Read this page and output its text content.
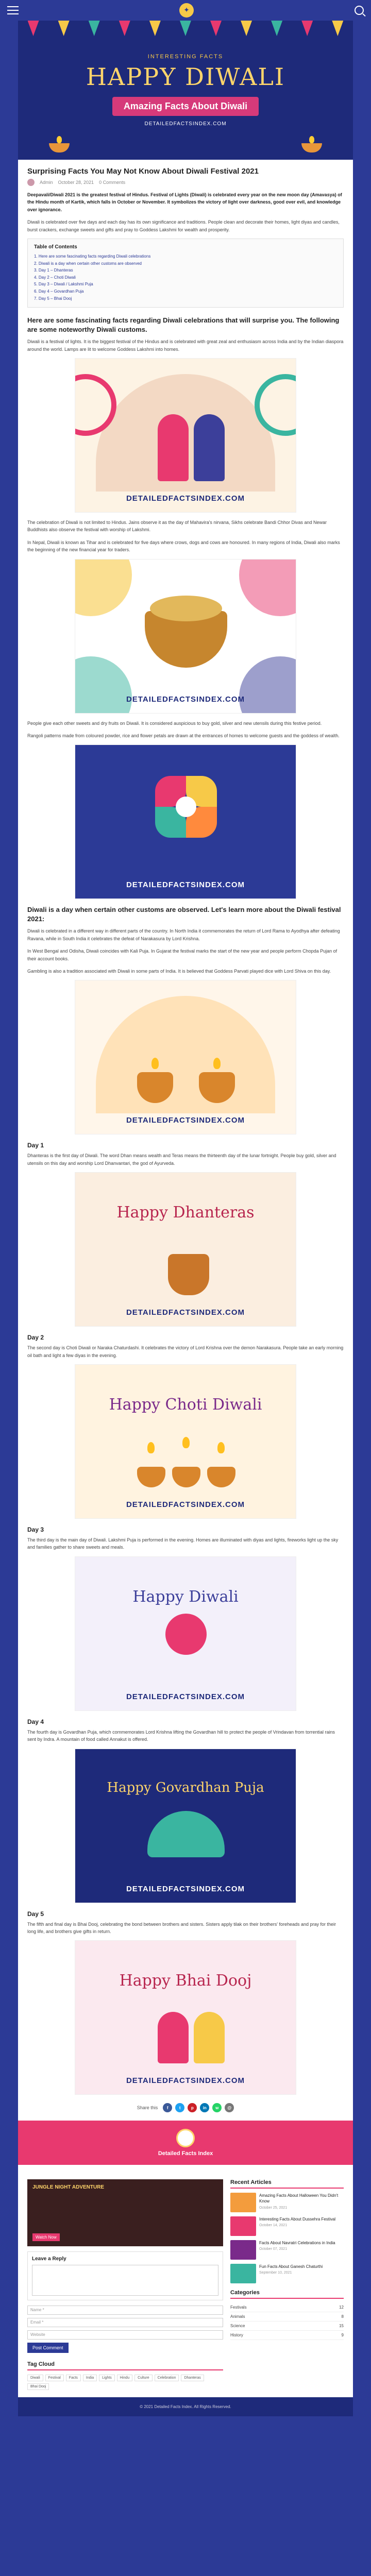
✦
INTERESTING FACTS
HAPPY DIWALI
Amazing Facts About Diwali
DETAILEDFACTSINDEX.COM
Surprising Facts You May Not Know About Diwali Festival 2021
Admin October 28, 2021 0 Comments

Deepavali/Diwali 2021 is the greatest festival of Hindus. Festival of Lights (Diwali) is celebrated every year on the new moon day (Amavasya) of the Hindu month of Kartik, which falls in October or November. It symbolizes the victory of light over darkness, good over evil, and knowledge over ignorance.

Diwali is celebrated over five days and each day has its own significance and traditions. People clean and decorate their homes, light diyas and candles, burst crackers, exchange sweets and gifts and pray to Goddess Lakshmi for wealth and prosperity.

Table of Contents
1. Here are some fascinating facts regarding Diwali celebrations
2. Diwali is a day when certain other customs are observed
3. Day 1 – Dhanteras
4. Day 2 – Choti Diwali
5. Day 3 – Diwali / Lakshmi Puja
6. Day 4 – Govardhan Puja
7. Day 5 – Bhai Dooj
Here are some fascinating facts regarding Diwali celebrations that will surprise you. The following are some noteworthy Diwali customs.

Diwali is a festival of lights. It is the biggest festival of the Hindus and is celebrated with great zeal and enthusiasm across India and by the Indian diaspora around the world. Lamps are lit to welcome Goddess Lakshmi into homes.

DETAILEDFACTSINDEX.COM

The celebration of Diwali is not limited to Hindus. Jains observe it as the day of Mahavira's nirvana, Sikhs celebrate Bandi Chhor Divas and Newar Buddhists also observe the festival with worship of Lakshmi.

In Nepal, Diwali is known as Tihar and is celebrated for five days where crows, dogs and cows are honoured. In many regions of India, Diwali also marks the beginning of the new financial year for traders.

DETAILEDFACTSINDEX.COM

People give each other sweets and dry fruits on Diwali. It is considered auspicious to buy gold, silver and new utensils during this festive period.

Rangoli patterns made from coloured powder, rice and flower petals are drawn at the entrances of homes to welcome guests and the goddess of wealth.

DETAILEDFACTSINDEX.COM
Diwali is a day when certain other customs are observed. Let's learn more about the Diwali festival 2021:

Diwali is celebrated in a different way in different parts of the country. In North India it commemorates the return of Lord Rama to Ayodhya after defeating Ravana, while in South India it celebrates the defeat of Narakasura by Lord Krishna.

In West Bengal and Odisha, Diwali coincides with Kali Puja. In Gujarat the festival marks the start of the new year and people perform Chopda Pujan of their account books.

Gambling is also a tradition associated with Diwali in some parts of India. It is believed that Goddess Parvati played dice with Lord Shiva on this day.

DETAILEDFACTSINDEX.COM
Day 1

Dhanteras is the first day of Diwali. The word Dhan means wealth and Teras means the thirteenth day of the lunar fortnight. People buy gold, silver and utensils on this day and worship Lord Dhanvantari, the god of Ayurveda.

Happy Dhanteras
DETAILEDFACTSINDEX.COM
Day 2

The second day is Choti Diwali or Naraka Chaturdashi. It celebrates the victory of Lord Krishna over the demon Narakasura. People take an early morning oil bath and light a few diyas in the evening.

Happy Choti Diwali
DETAILEDFACTSINDEX.COM
Day 3

The third day is the main day of Diwali. Lakshmi Puja is performed in the evening. Homes are illuminated with diyas and lights, fireworks light up the sky and families gather to share sweets and meals.

Happy Diwali
DETAILEDFACTSINDEX.COM
Day 4

The fourth day is Govardhan Puja, which commemorates Lord Krishna lifting the Govardhan hill to protect the people of Vrindavan from torrential rains sent by Indra. A mountain of food called Annakut is offered.

Happy Govardhan Puja
DETAILEDFACTSINDEX.COM
Day 5

The fifth and final day is Bhai Dooj, celebrating the bond between brothers and sisters. Sisters apply tilak on their brothers' foreheads and pray for their long life, and brothers give gifts in return.

Happy Bhai Dooj
DETAILEDFACTSINDEX.COM
Share this	f	t	p	in	w	@
Detailed Facts Index
JUNGLE NIGHT ADVENTURE
Watch Now
Leave a Reply
Name *
Email *
Website
Post Comment
Tag Cloud
Diwali	Festival	Facts	India	Lights	Hindu	Culture	Celebration	Dhanteras
Bhai Dooj
Recent Articles
Amazing Facts About Halloween You Didn't Know
October 25, 2021
Interesting Facts About Dussehra Festival
October 14, 2021
Facts About Navratri Celebrations in India
October 07, 2021
Fun Facts About Ganesh Chaturthi
September 10, 2021
Categories
Festivals	12
Animals	8
Science	15
History	9
© 2021 Detailed Facts Index. All Rights Reserved.
